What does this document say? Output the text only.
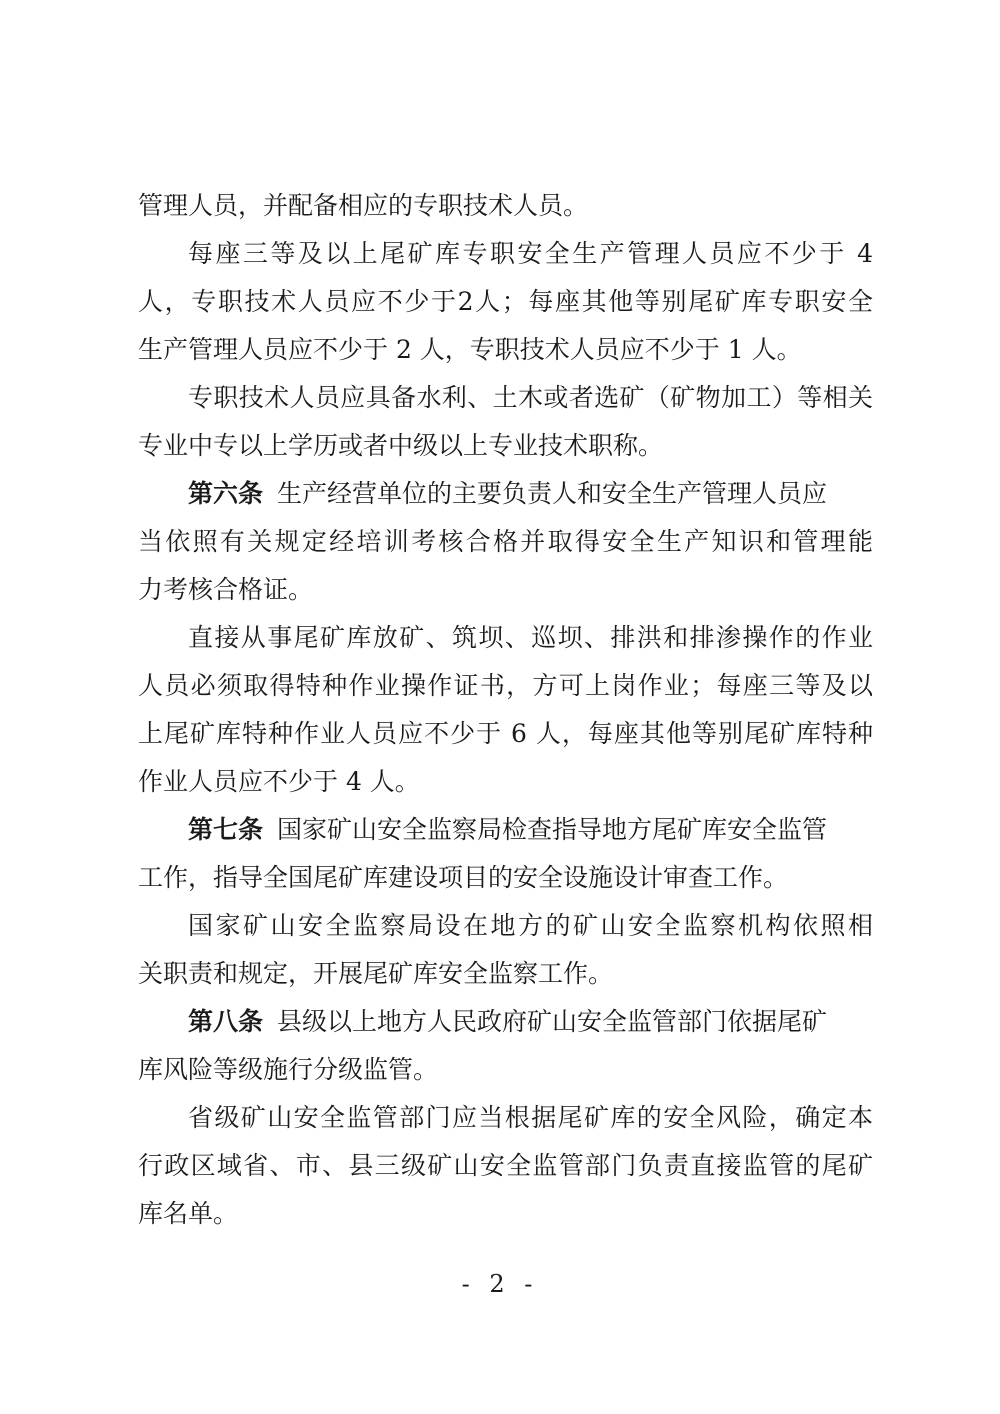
管理人员，并配备相应的专职技术人员。
每座三等及以上尾矿库专职安全生产管理人员应不少于 4
人，专职技术人员应不少于2人；每座其他等别尾矿库专职安全
生产管理人员应不少于 2 人，专职技术人员应不少于 1 人。
专职技术人员应具备水利、土木或者选矿（矿物加工）等相关
专业中专以上学历或者中级以上专业技术职称。
第六条 生产经营单位的主要负责人和安全生产管理人员应
当依照有关规定经培训考核合格并取得安全生产知识和管理能
力考核合格证。
直接从事尾矿库放矿、筑坝、巡坝、排洪和排渗操作的作业
人员必须取得特种作业操作证书，方可上岗作业；每座三等及以
上尾矿库特种作业人员应不少于 6 人，每座其他等别尾矿库特种
作业人员应不少于 4 人。
第七条 国家矿山安全监察局检查指导地方尾矿库安全监管
工作，指导全国尾矿库建设项目的安全设施设计审查工作。
国家矿山安全监察局设在地方的矿山安全监察机构依照相
关职责和规定，开展尾矿库安全监察工作。
第八条 县级以上地方人民政府矿山安全监管部门依据尾矿
库风险等级施行分级监管。
省级矿山安全监管部门应当根据尾矿库的安全风险，确定本
行政区域省、市、县三级矿山安全监管部门负责直接监管的尾矿
库名单。
- 2 -
